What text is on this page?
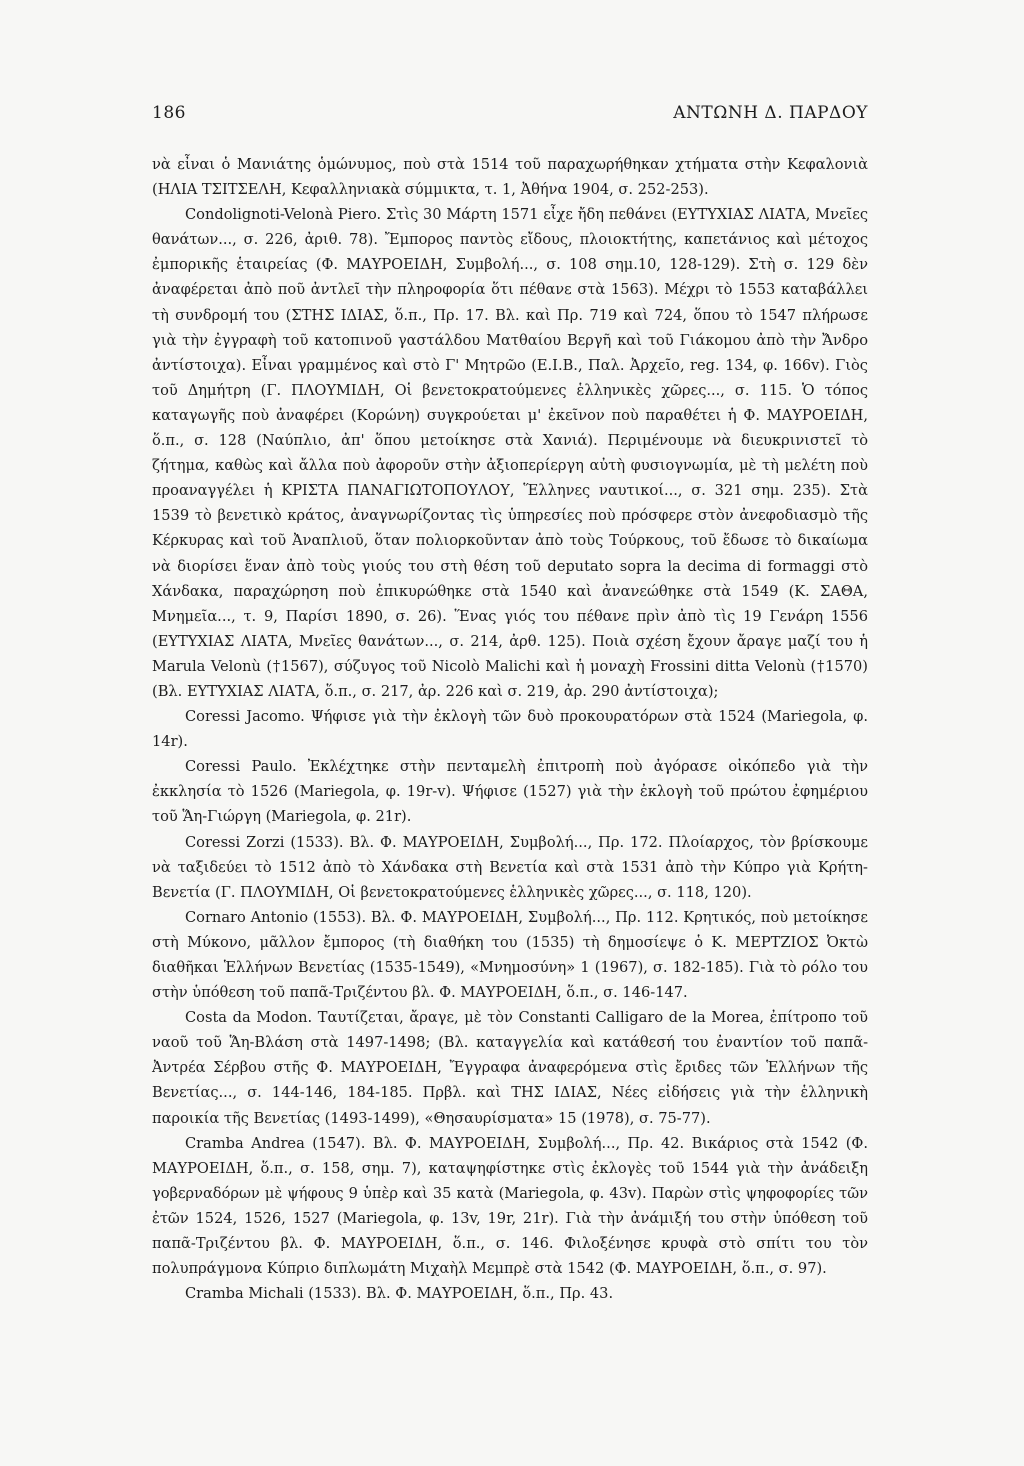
186	ΑΝΤΩΝΗ Δ. ΠΑΡΔΟΥ

νὰ εἶναι ὁ Μανιάτης ὁμώνυμος, ποὺ στὰ 1514 τοῦ παραχωρήθηκαν χτήματα στὴν Κεφαλονιὰ (ΗΛΙΑ ΤΣΙΤΣΕΛΗ, Κεφαλληνιακὰ σύμμικτα, τ. 1, Ἀθήνα 1904, σ. 252-253).

Condolignoti-Velonà Piero. Στὶς 30 Μάρτη 1571 εἶχε ἤδη πεθάνει (ΕΥΤΥΧΙΑΣ ΛΙΑΤΑ, Μνεῖες θανάτων..., σ. 226, ἀριθ. 78). Ἔμπορος παντὸς εἴδους, πλοιοκτήτης, καπετάνιος καὶ μέτοχος ἐμπορικῆς ἑταιρείας (Φ. ΜΑΥΡΟΕΙΔΗ, Συμβολή..., σ. 108 σημ.10, 128-129). Στὴ σ. 129 δὲν ἀναφέρεται ἀπὸ ποῦ ἀντλεῖ τὴν πληροφορία ὅτι πέθανε στὰ 1563). Μέχρι τὸ 1553 καταβάλλει τὴ συνδρομή του (ΣΤΗΣ ΙΔΙΑΣ, ὅ.π., Πρ. 17. Βλ. καὶ Πρ. 719 καὶ 724, ὅπου τὸ 1547 πλήρωσε γιὰ τὴν ἐγγραφὴ τοῦ κατοπινοῦ γαστάλδου Ματθαίου Βεργῆ καὶ τοῦ Γιάκομου ἀπὸ τὴν Ἄνδρο ἀντίστοιχα). Εἶναι γραμμένος καὶ στὸ Γ' Μητρῶο (Ε.Ι.Β., Παλ. Ἀρχεῖο, reg. 134, φ. 166v). Γιὸς τοῦ Δημήτρη (Γ. ΠΛΟΥΜΙΔΗ, Οἱ βενετοκρατούμενες ἑλληνικὲς χῶρες..., σ. 115. Ὁ τόπος καταγωγῆς ποὺ ἀναφέρει (Κορώνη) συγκρούεται μ' ἐκεῖνον ποὺ παραθέτει ἡ Φ. ΜΑΥΡΟΕΙΔΗ, ὅ.π., σ. 128 (Ναύπλιο, ἀπ' ὅπου μετοίκησε στὰ Χανιά). Περιμένουμε νὰ διευκρινιστεῖ τὸ ζήτημα, καθὼς καὶ ἄλλα ποὺ ἀφοροῦν στὴν ἀξιοπερίεργη αὐτὴ φυσιογνωμία, μὲ τὴ μελέτη ποὺ προαναγγέλει ἡ ΚΡΙΣΤΑ ΠΑΝΑΓΙΩΤΟΠΟΥΛΟΥ, Ἕλληνες ναυτικοί..., σ. 321 σημ. 235). Στὰ 1539 τὸ βενετικὸ κράτος, ἀναγνωρίζοντας τὶς ὑπηρεσίες ποὺ πρόσφερε στὸν ἀνεφοδιασμὸ τῆς Κέρκυρας καὶ τοῦ Ἀναπλιοῦ, ὅταν πολιορκοῦνταν ἀπὸ τοὺς Τούρκους, τοῦ ἔδωσε τὸ δικαίωμα νὰ διορίσει ἕναν ἀπὸ τοὺς γιούς του στὴ θέση τοῦ deputato sopra la decima di formaggi στὸ Χάνδακα, παραχώρηση ποὺ ἐπικυρώθηκε στὰ 1540 καὶ ἀνανεώθηκε στὰ 1549 (Κ. ΣΑΘΑ, Μνημεῖα..., τ. 9, Παρίσι 1890, σ. 26). Ἕνας γιός του πέθανε πρὶν ἀπὸ τὶς 19 Γενάρη 1556 (ΕΥΤΥΧΙΑΣ ΛΙΑΤΑ, Μνεῖες θανάτων..., σ. 214, ἀρθ. 125). Ποιὰ σχέση ἔχουν ἄραγε μαζί του ἡ Marula Velonù (†1567), σύζυγος τοῦ Nicolò Malichi καὶ ἡ μοναχὴ Frossini ditta Velonù (†1570) (Βλ. ΕΥΤΥΧΙΑΣ ΛΙΑΤΑ, ὅ.π., σ. 217, ἀρ. 226 καὶ σ. 219, ἀρ. 290 ἀντίστοιχα);

Coressi Jacomo. Ψήφισε γιὰ τὴν ἐκλογὴ τῶν δυὸ προκουρατόρων στὰ 1524 (Mariegola, φ. 14r).

Coressi Paulo. Ἐκλέχτηκε στὴν πενταμελὴ ἐπιτροπὴ ποὺ ἀγόρασε οἰκόπεδο γιὰ τὴν ἐκκλησία τὸ 1526 (Mariegola, φ. 19r-v). Ψήφισε (1527) γιὰ τὴν ἐκλογὴ τοῦ πρώτου ἐφημέριου τοῦ Ἅη-Γιώργη (Mariegola, φ. 21r).

Coressi Zorzi (1533). Βλ. Φ. ΜΑΥΡΟΕΙΔΗ, Συμβολή..., Πρ. 172. Πλοίαρχος, τὸν βρίσκουμε νὰ ταξιδεύει τὸ 1512 ἀπὸ τὸ Χάνδακα στὴ Βενετία καὶ στὰ 1531 ἀπὸ τὴν Κύπρο γιὰ Κρήτη-Βενετία (Γ. ΠΛΟΥΜΙΔΗ, Οἱ βενετοκρατούμενες ἑλληνικὲς χῶρες..., σ. 118, 120).

Cornaro Antonio (1553). Βλ. Φ. ΜΑΥΡΟΕΙΔΗ, Συμβολή..., Πρ. 112. Κρητικός, ποὺ μετοίκησε στὴ Μύκονο, μᾶλλον ἔμπορος (τὴ διαθήκη του (1535) τὴ δημοσίεψε ὁ Κ. ΜΕΡΤΖΙΟΣ Ὀκτὼ διαθῆκαι Ἑλλήνων Βενετίας (1535-1549), «Μνημοσύνη» 1 (1967), σ. 182-185). Γιὰ τὸ ρόλο του στὴν ὑπόθεση τοῦ παπᾶ-Τριζέντου βλ. Φ. ΜΑΥΡΟΕΙΔΗ, ὅ.π., σ. 146-147.

Costa da Modon. Ταυτίζεται, ἄραγε, μὲ τὸν Constanti Calligaro de la Morea, ἐπίτροπο τοῦ ναοῦ τοῦ Ἅη-Βλάση στὰ 1497-1498; (Βλ. καταγγελία καὶ κατάθεσή του ἐναντίον τοῦ παπᾶ-Ἀντρέα Σέρβου στῆς Φ. ΜΑΥΡΟΕΙΔΗ, Ἔγγραφα ἀναφερόμενα στὶς ἔριδες τῶν Ἑλλήνων τῆς Βενετίας..., σ. 144-146, 184-185. Πρβλ. καὶ ΤΗΣ ΙΔΙΑΣ, Νέες εἰδήσεις γιὰ τὴν ἑλληνικὴ παροικία τῆς Βενετίας (1493-1499), «Θησαυρίσματα» 15 (1978), σ. 75-77).

Cramba Andrea (1547). Βλ. Φ. ΜΑΥΡΟΕΙΔΗ, Συμβολή..., Πρ. 42. Βικάριος στὰ 1542 (Φ. ΜΑΥΡΟΕΙΔΗ, ὅ.π., σ. 158, σημ. 7), καταψηφίστηκε στὶς ἐκλογὲς τοῦ 1544 γιὰ τὴν ἀνάδειξη γοβερναδόρων μὲ ψήφους 9 ὑπὲρ καὶ 35 κατὰ (Mariegola, φ. 43v). Παρὼν στὶς ψηφοφορίες τῶν ἐτῶν 1524, 1526, 1527 (Mariegola, φ. 13v, 19r, 21r). Γιὰ τὴν ἀνάμιξή του στὴν ὑπόθεση τοῦ παπᾶ-Τριζέντου βλ. Φ. ΜΑΥΡΟΕΙΔΗ, ὅ.π., σ. 146. Φιλοξένησε κρυφὰ στὸ σπίτι του τὸν πολυπράγμονα Κύπριο διπλωμάτη Μιχαὴλ Μεμπρὲ στὰ 1542 (Φ. ΜΑΥΡΟΕΙΔΗ, ὅ.π., σ. 97).

Cramba Michali (1533). Βλ. Φ. ΜΑΥΡΟΕΙΔΗ, ὅ.π., Πρ. 43.
